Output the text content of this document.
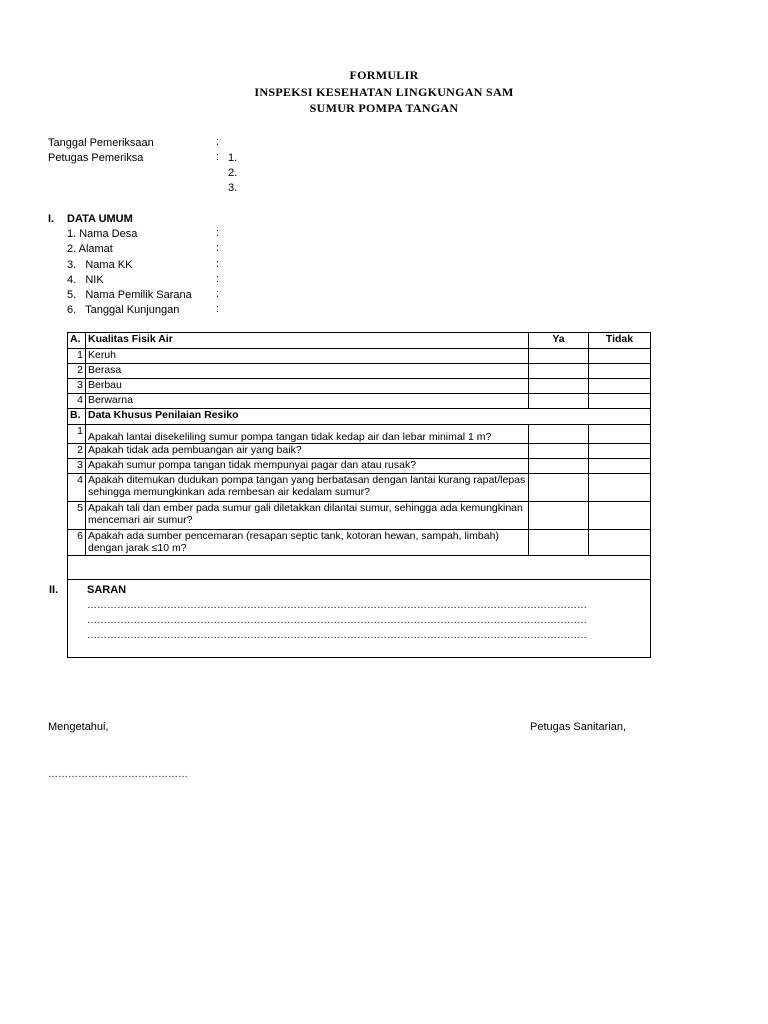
FORMULIR
INSPEKSI KESEHATAN LINGKUNGAN SAM
SUMUR POMPA TANGAN
Tanggal Pemeriksaan	:
Petugas Pemeriksa	: 1.
2.
3.
I. DATA UMUM
1. Nama Desa	:
2. Alamat	:
3.   Nama KK	:
4.   NIK	:
5.   Nama Pemilik Sarana :
6.   Tanggal Kunjungan	:
A.	Kualitas Fisik Air	Ya	Tidak
1	Keruh		
2	Berasa		
3	Berbau		
4	Berwarna		
B.	Data Khusus Penilaian Resiko		
1	Apakah lantai disekeliling sumur pompa tangan tidak kedap air dan lebar minimal 1 m?		
2	Apakah tidak ada pembuangan air yang baik?		
3	Apakah sumur pompa tangan tidak mempunyai pagar dan atau rusak?		
4	Apakah ditemukan dudukan pompa tangan yang berbatasan dengan lantai kurang rapat/lepas sehingga memungkinkan ada rembesan air kedalam sumur?		
5	Apakah tali dan ember pada sumur gali diletakkan dilantai sumur, sehingga ada kemungkinan mencemari air sumur?		
6	Apakah ada sumber pencemaran (resapan septic tank, kotoran hewan, sampah, limbah) dengan jarak ≤10 m?		

II. SARAN
……………………………………………………………………………………………………………………………………
……………………………………………………………………………………………………………………………………
……………………………………………………………………………………………………………………………………			
Mengetahui,	Petugas Sanitarian,
……………………………………
